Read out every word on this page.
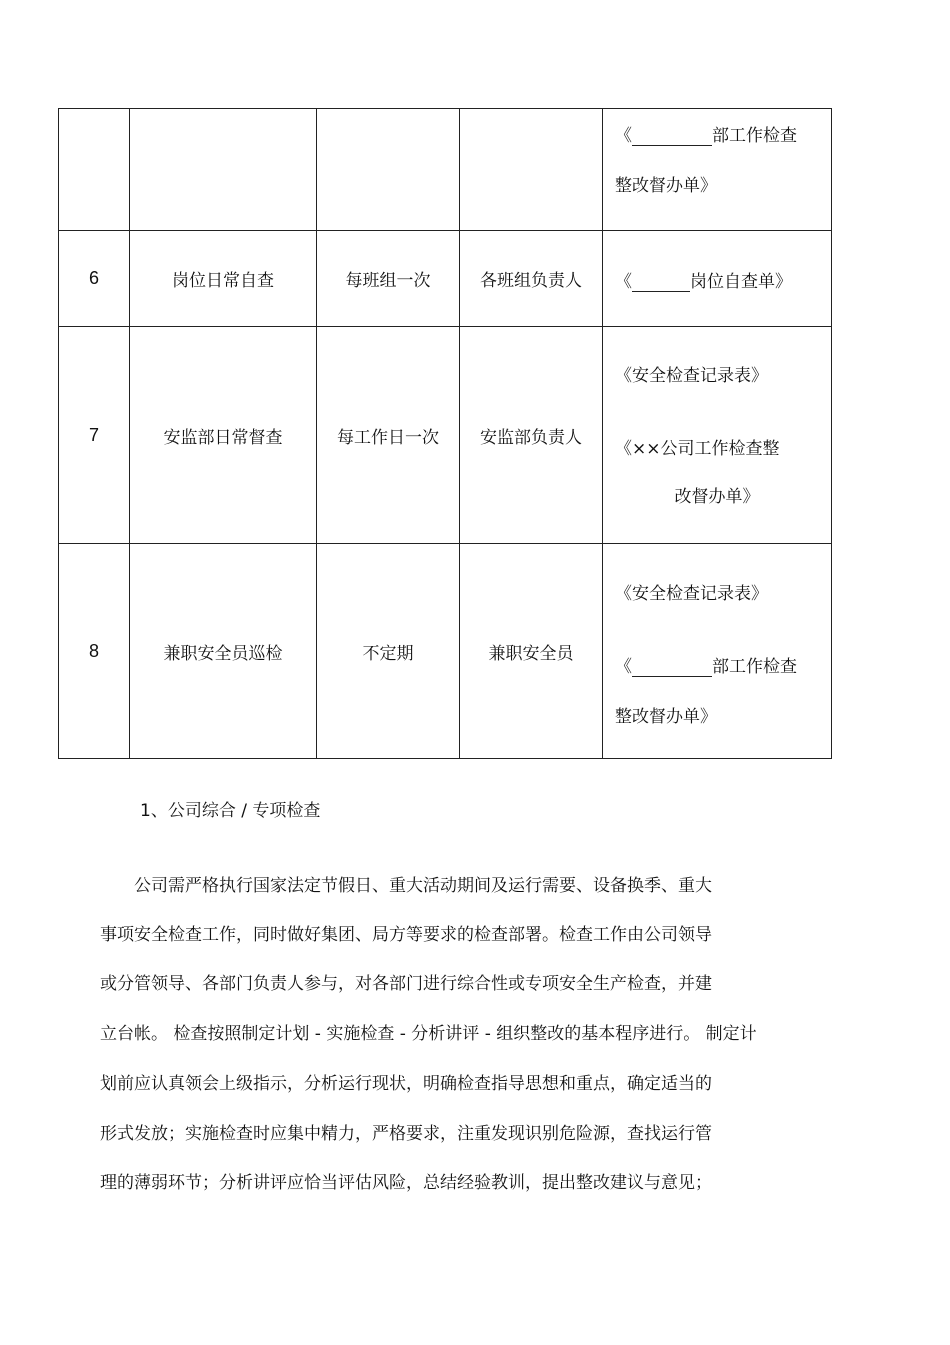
				《 部工作检查
整改督办单》

6	岗位日常自查	每班组一次	各班组负责人	《 岗位自查单》

7	安监部日常督查	每工作日一次	安监部负责人	《安全检查记录表》
《××公司工作检查整
改督办单》

8	兼职安全员巡检	不定期	兼职安全员	《安全检查记录表》
《 部工作检查
整改督办单》
1、公司综合 / 专项检查
　　公司需严格执行国家法定节假日、重大活动期间及运行需要、设备换季、重大
事项安全检查工作，同时做好集团、局方等要求的检查部署。检查工作由公司领导
或分管领导、各部门负责人参与，对各部门进行综合性或专项安全生产检查，并建
立台帐。 检查按照制定计划 - 实施检查 - 分析讲评 - 组织整改的基本程序进行。 制定计
划前应认真领会上级指示，分析运行现状，明确检查指导思想和重点，确定适当的
形式发放；实施检查时应集中精力，严格要求，注重发现识别危险源，查找运行管
理的薄弱环节；分析讲评应恰当评估风险，总结经验教训，提出整改建议与意见；
